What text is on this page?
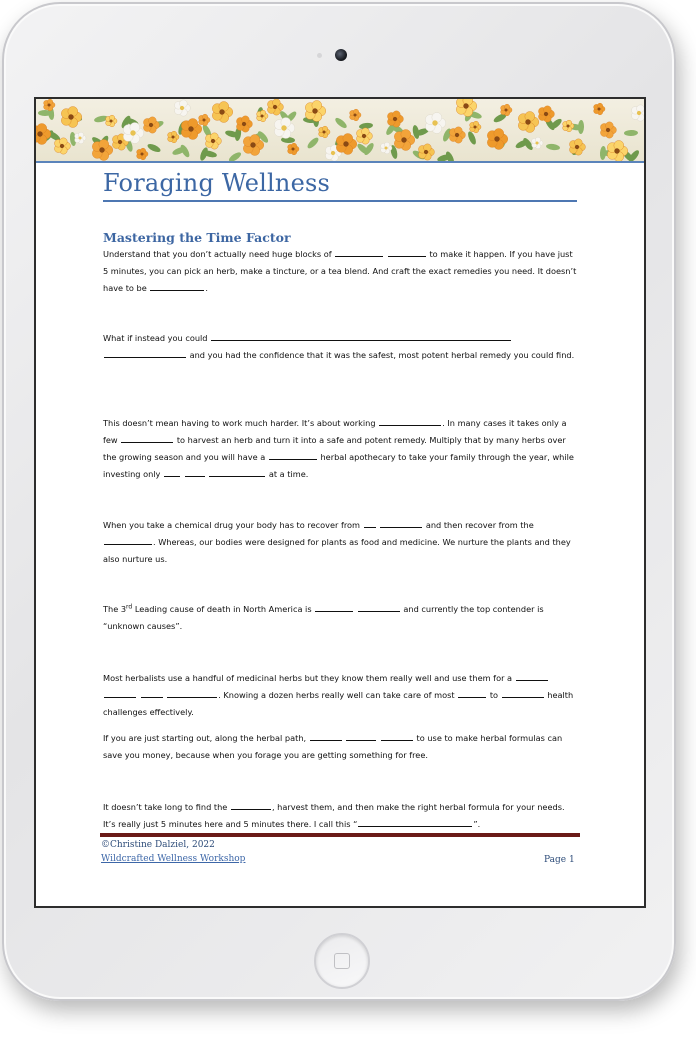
Foraging Wellness
Mastering the Time Factor
Understand that you don’t actually need huge blocks of	to make it happen. If you have just 5 minutes, you can pick an herb, make a tincture, or a tea blend. And craft the exact remedies you need. It doesn’t have to be	.
What if instead you could   and you had the confidence that it was the safest, most potent herbal remedy you could find.
This doesn’t mean having to work much harder. It’s about working	. In many cases it takes only a few	to harvest an herb and turn it into a safe and potent remedy. Multiply that by many herbs over the growing season and you will have a	herbal apothecary to take your family through the year, while investing only	at a time.
When you take a chemical drug your body has to recover from	and then recover from the . Whereas, our bodies were designed for plants as food and medicine. We nurture the plants and they also nurture us.
The 3rd Leading cause of death in North America is	and currently the top contender is “unknown causes”.
Most herbalists use a handful of medicinal herbs but they know them really well and use them for a    . Knowing a dozen herbs really well can take care of most	to	health challenges effectively.
If you are just starting out, along the herbal path,	to use to make herbal formulas can save you money, because when you forage you are getting something for free.
It doesn’t take long to find the	, harvest them, and then make the right herbal formula for your needs. It’s really just 5 minutes here and 5 minutes there. I call this “	”.
©Christine Dalziel, 2022
Wildcrafted Wellness Workshop	Page 1
